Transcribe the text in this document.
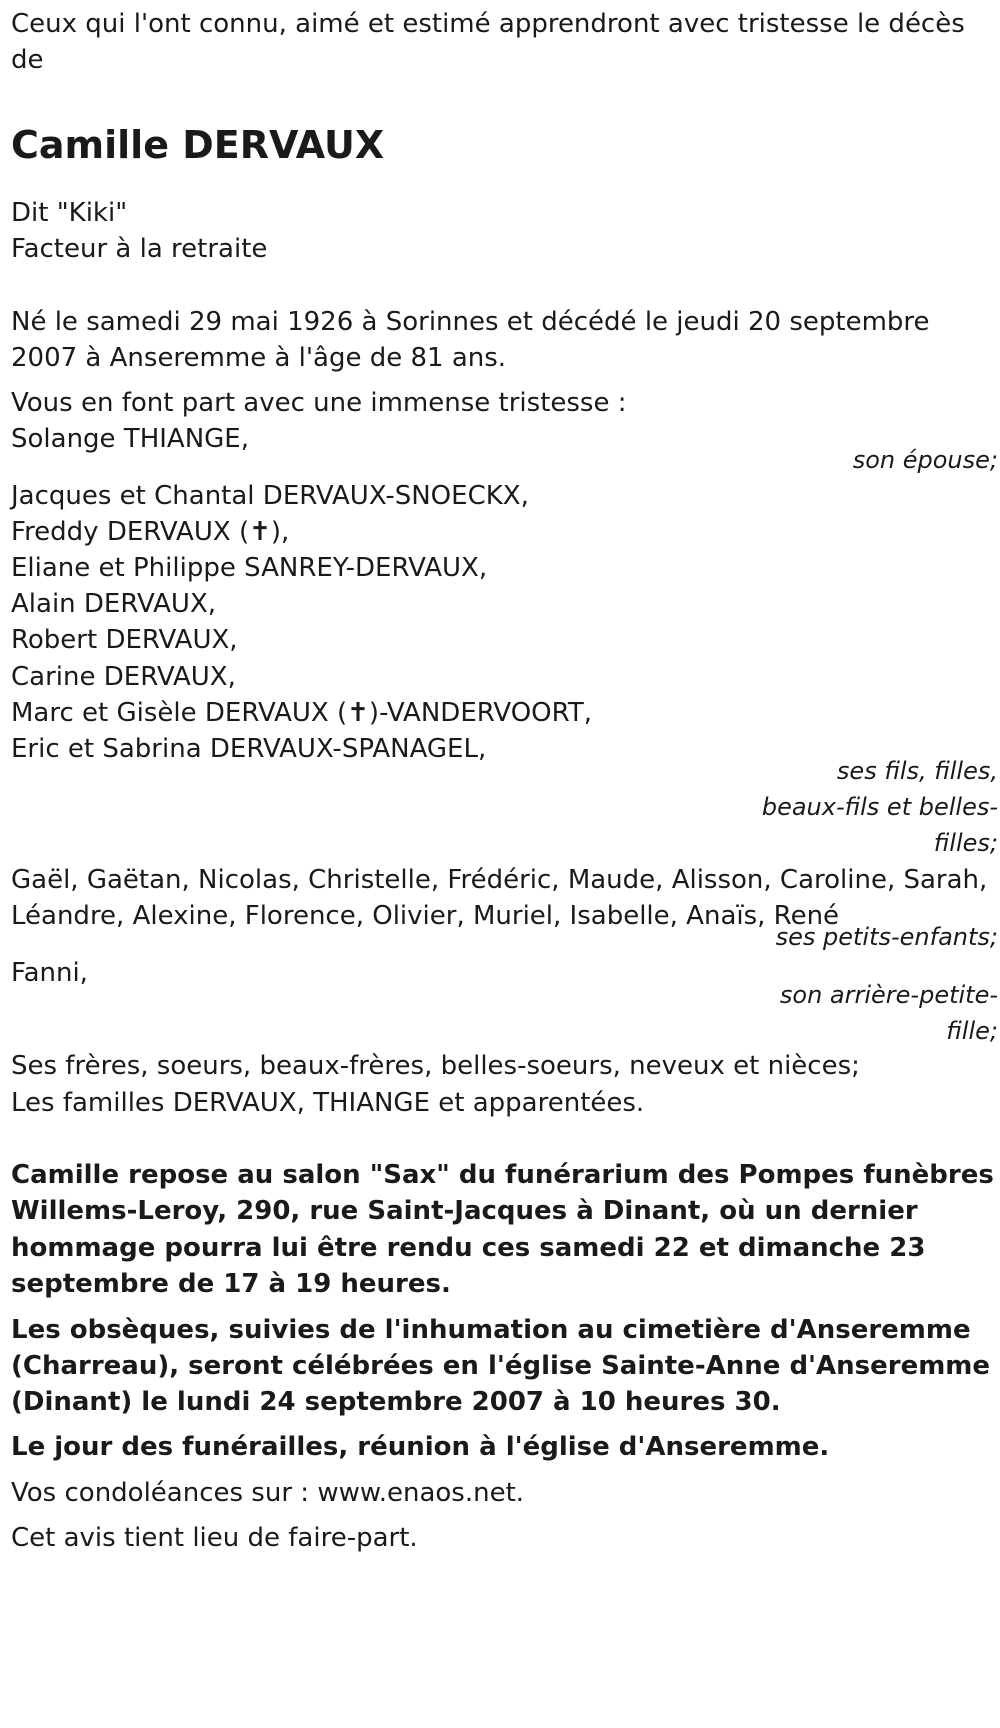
Ceux qui l'ont connu, aimé et estimé apprendront avec tristesse le décès
de
Camille DERVAUX
Dit "Kiki"
Facteur à la retraite
Né le samedi 29 mai 1926 à Sorinnes et décédé le jeudi 20 septembre
2007 à Anseremme à l'âge de 81 ans.
Vous en font part avec une immense tristesse :
Solange THIANGE,
son épouse;
Jacques et Chantal DERVAUX-SNOECKX,
Freddy DERVAUX (✝),
Eliane et Philippe SANREY-DERVAUX,
Alain DERVAUX,
Robert DERVAUX,
Carine DERVAUX,
Marc et Gisèle DERVAUX (✝)-VANDERVOORT,
Eric et Sabrina DERVAUX-SPANAGEL,
ses fils, filles,
beaux-fils et belles-
filles;
Gaël, Gaëtan, Nicolas, Christelle, Frédéric, Maude, Alisson, Caroline, Sarah,
Léandre, Alexine, Florence, Olivier, Muriel, Isabelle, Anaïs, René
ses petits-enfants;
Fanni,
son arrière-petite-
fille;
Ses frères, soeurs, beaux-frères, belles-soeurs, neveux et nièces;
Les familles DERVAUX, THIANGE et apparentées.
Camille repose au salon "Sax" du funérarium des Pompes funèbres
Willems-Leroy, 290, rue Saint-Jacques à Dinant, où un dernier
hommage pourra lui être rendu ces samedi 22 et dimanche 23
septembre de 17 à 19 heures.
Les obsèques, suivies de l'inhumation au cimetière d'Anseremme
(Charreau), seront célébrées en l'église Sainte-Anne d'Anseremme
(Dinant) le lundi 24 septembre 2007 à 10 heures 30.
Le jour des funérailles, réunion à l'église d'Anseremme.
Vos condoléances sur : www.enaos.net.
Cet avis tient lieu de faire-part.
